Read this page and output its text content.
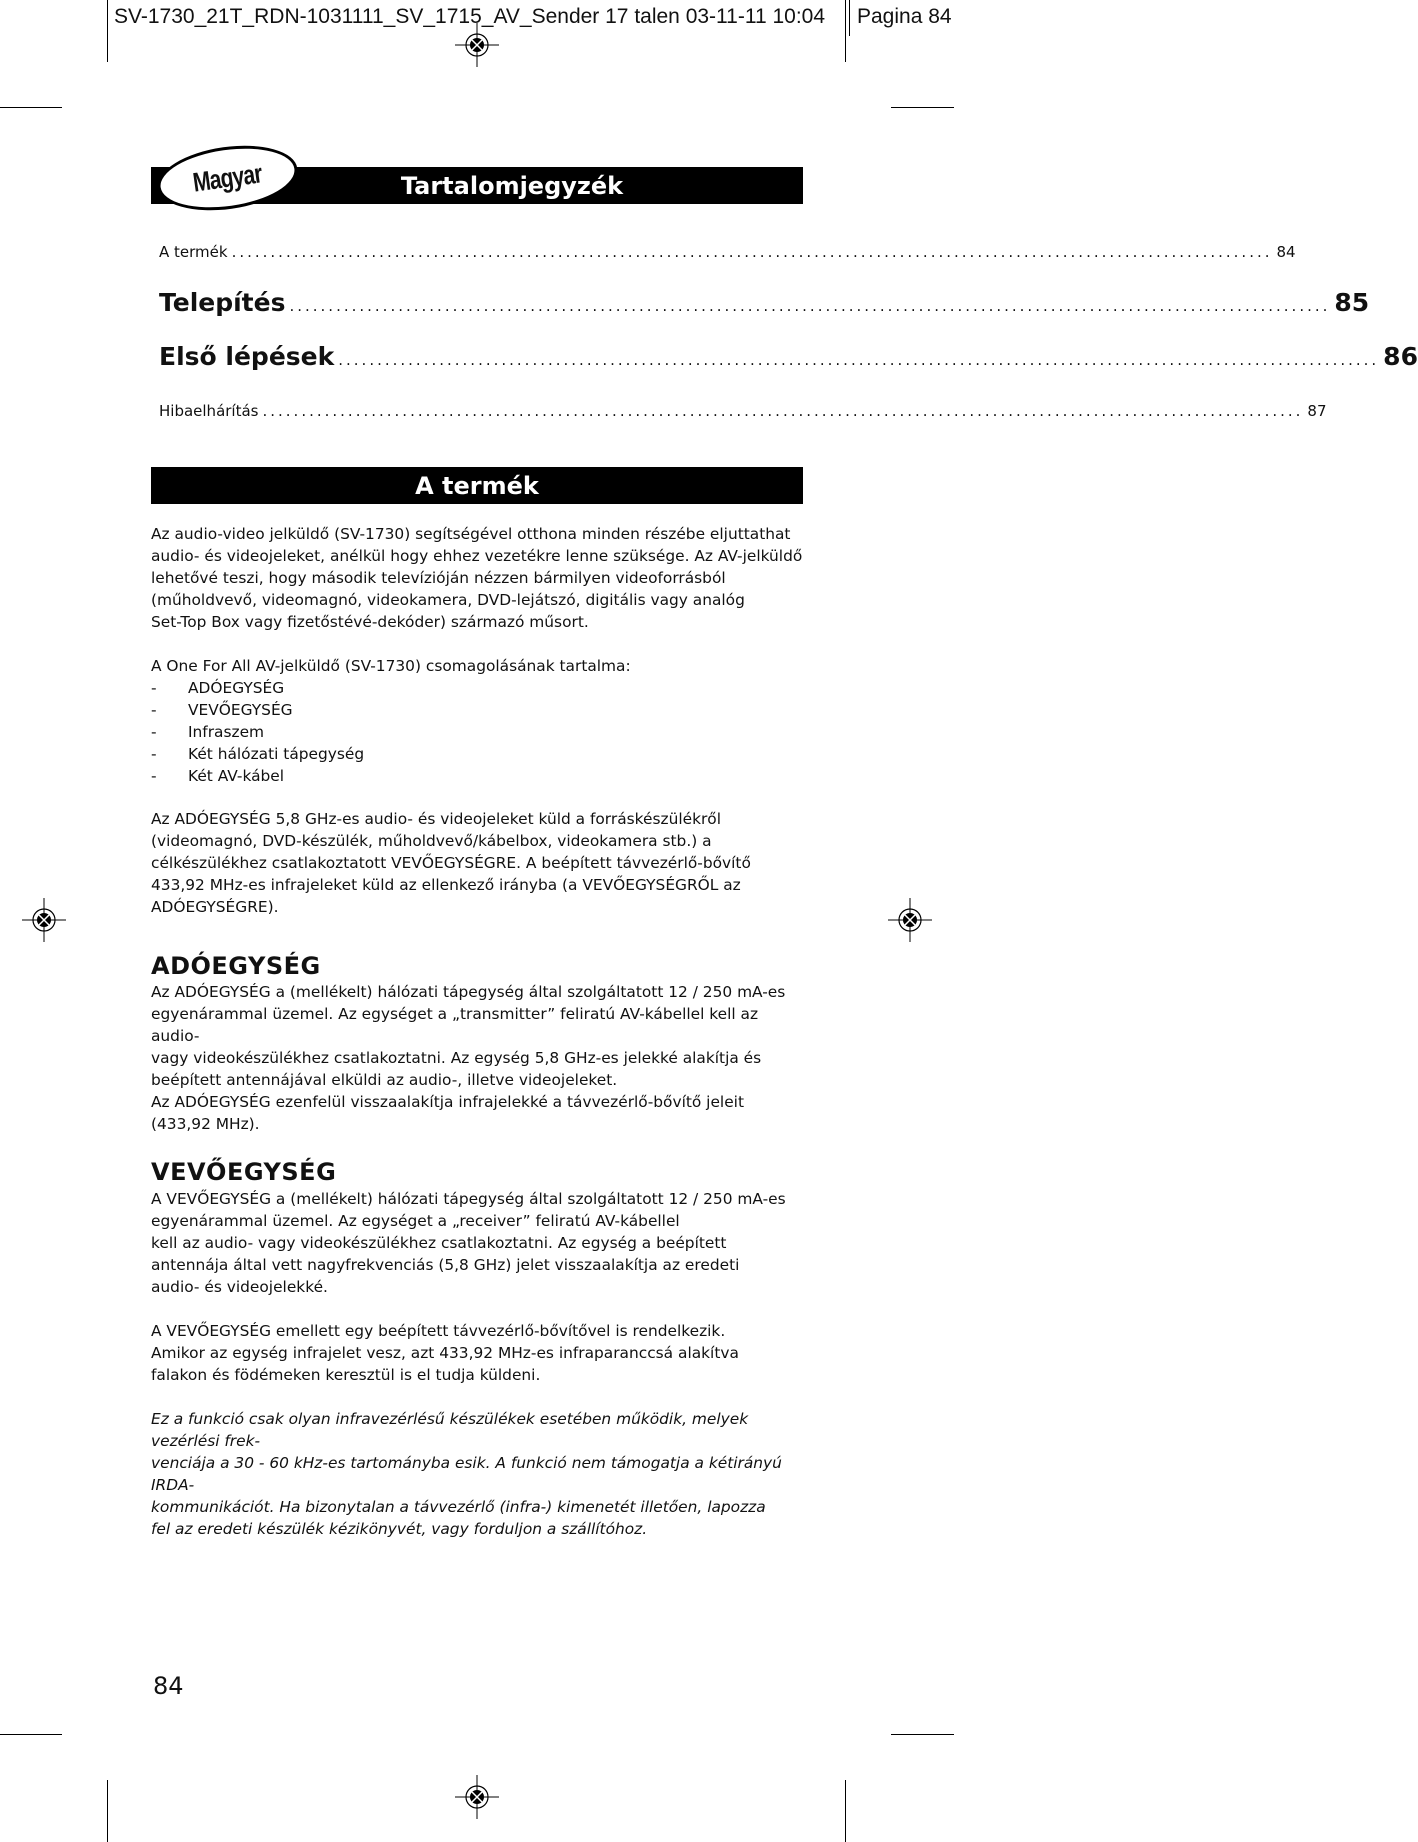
SV-1730_21T_RDN-1031111_SV_1715_AV_Sender 17 talen 03-11-11 10:04 Pagina 84
Magyar	Tartalomjegyzék
A termék ...................................................................................................................................... 84
Telepítés ...................................................................................................................................... 85
Első lépések ...................................................................................................................................... 86
Hibaelhárítás ...................................................................................................................................... 87
A termék

Az audio-video jelküldő (SV-1730) segítségével otthona minden részébe eljuttathat

audio- és videojeleket, anélkül hogy ehhez vezetékre lenne szüksége. Az AV-jelküldő

lehetővé teszi, hogy második televízióján nézzen bármilyen videoforrásból

(műholdvevő, videomagnó, videokamera, DVD-lejátszó, digitális vagy analóg

Set-Top Box vagy fizetőstévé-dekóder) származó műsort.

A One For All AV-jelküldő (SV-1730) csomagolásának tartalma:

- ADÓEGYSÉG
- VEVŐEGYSÉG
- Infraszem
- Két hálózati tápegység
- Két AV-kábel

Az ADÓEGYSÉG 5,8 GHz-es audio- és videojeleket küld a forráskészülékről

(videomagnó, DVD-készülék, műholdvevő/kábelbox, videokamera stb.) a

célkészülékhez csatlakoztatott VEVŐEGYSÉGRE. A beépített távvezérlő-bővítő

433,92 MHz-es infrajeleket küld az ellenkező irányba (a VEVŐEGYSÉGRŐL az

ADÓEGYSÉGRE).

ADÓEGYSÉG

Az ADÓEGYSÉG a (mellékelt) hálózati tápegység által szolgáltatott 12 / 250 mA-es

egyenárammal üzemel. Az egységet a „transmitter” feliratú AV-kábellel kell az audio-

vagy videokészülékhez csatlakoztatni. Az egység 5,8 GHz-es jelekké alakítja és

beépített antennájával elküldi az audio-, illetve videojeleket.

Az ADÓEGYSÉG ezenfelül visszaalakítja infrajelekké a távvezérlő-bővítő jeleit

(433,92 MHz).

VEVŐEGYSÉG

A VEVŐEGYSÉG a (mellékelt) hálózati tápegység által szolgáltatott 12 / 250 mA-es

egyenárammal üzemel. Az egységet a „receiver” feliratú AV-kábellel

kell az audio- vagy videokészülékhez csatlakoztatni. Az egység a beépített

antennája által vett nagyfrekvenciás (5,8 GHz) jelet visszaalakítja az eredeti

audio- és videojelekké.

A VEVŐEGYSÉG emellett egy beépített távvezérlő-bővítővel is rendelkezik.

Amikor az egység infrajelet vesz, azt 433,92 MHz-es infraparanccsá alakítva

falakon és födémeken keresztül is el tudja küldeni.

Ez a funkció csak olyan infravezérlésű készülékek esetében működik, melyek vezérlési frek-

venciája a 30 - 60 kHz-es tartományba esik. A funkció nem támogatja a kétirányú IRDA-

kommunikációt. Ha bizonytalan a távvezérlő (infra-) kimenetét illetően, lapozza

fel az eredeti készülék kézikönyvét, vagy forduljon a szállítóhoz.

84
